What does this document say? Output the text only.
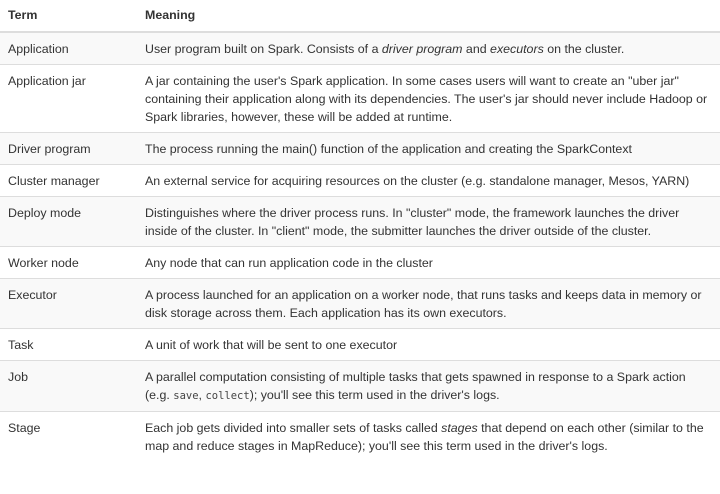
Term	Meaning
Application	User program built on Spark. Consists of a driver program and executors on the cluster.
Application jar	A jar containing the user's Spark application. In some cases users will want to create an "uber jar" containing their application along with its dependencies. The user's jar should never include Hadoop or Spark libraries, however, these will be added at runtime.
Driver program	The process running the main() function of the application and creating the SparkContext
Cluster manager	An external service for acquiring resources on the cluster (e.g. standalone manager, Mesos, YARN)
Deploy mode	Distinguishes where the driver process runs. In "cluster" mode, the framework launches the driver inside of the cluster. In "client" mode, the submitter launches the driver outside of the cluster.
Worker node	Any node that can run application code in the cluster
Executor	A process launched for an application on a worker node, that runs tasks and keeps data in memory or disk storage across them. Each application has its own executors.
Task	A unit of work that will be sent to one executor
Job	A parallel computation consisting of multiple tasks that gets spawned in response to a Spark action (e.g. save, collect); you'll see this term used in the driver's logs.
Stage	Each job gets divided into smaller sets of tasks called stages that depend on each other (similar to the map and reduce stages in MapReduce); you'll see this term used in the driver's logs.
